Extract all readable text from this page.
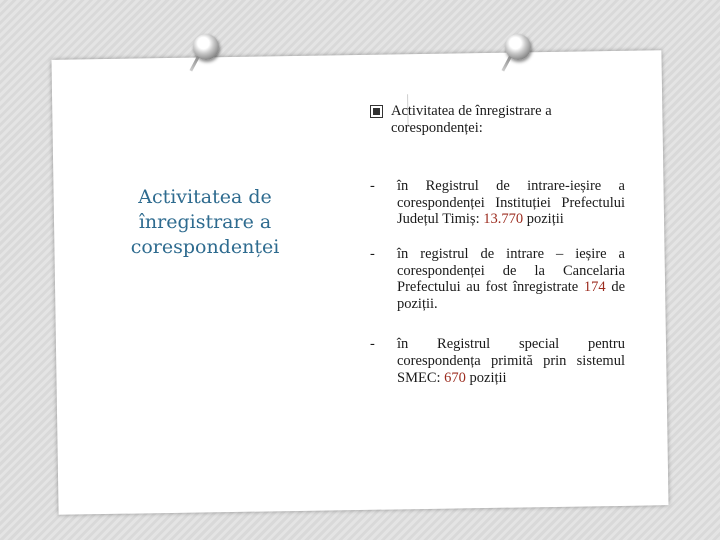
Activitatea de înregistrare a corespondenței
Activitatea de înregistrare a corespondenței:
-	în Registrul de intrare-ieșire a corespondenței Instituției Prefectului Județul Timiș: 13.770 poziții
-	în registrul de intrare – ieșire a corespondenței de la Cancelaria Prefectului au fost înregistrate 174 de poziții.
-	în Registrul special pentru corespondența primită prin sistemul SMEC: 670 poziții
